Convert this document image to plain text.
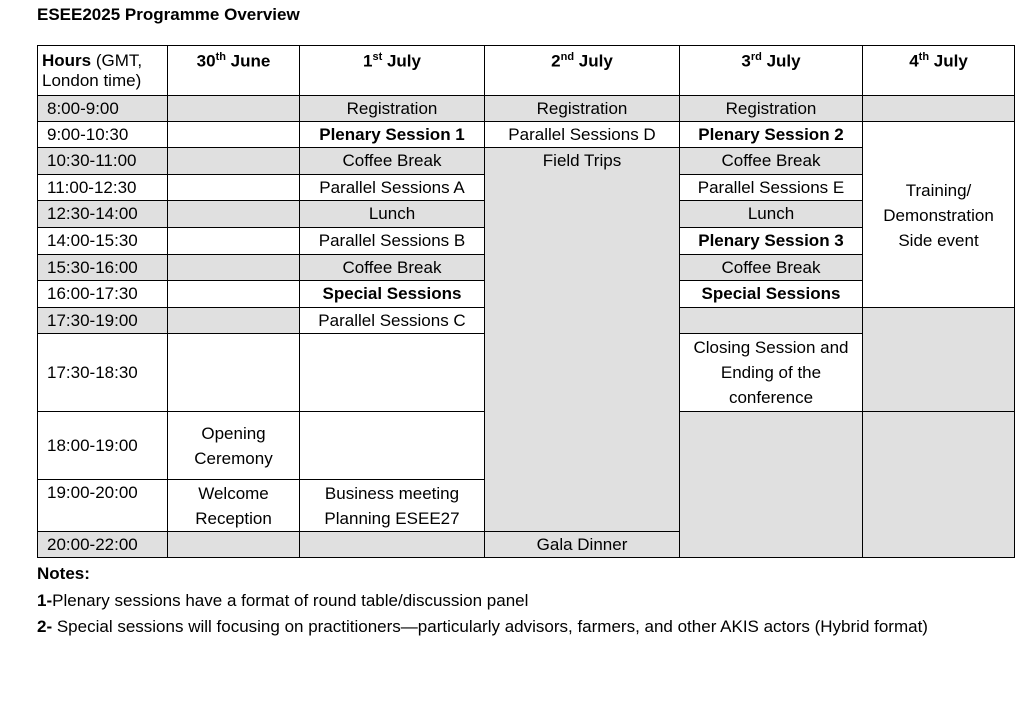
ESEE2025 Programme Overview
Hours (GMT, London time)	30th June	1st July	2nd July	3rd July	4th July
8:00-9:00		Registration	Registration	Registration	
9:00-10:30		Plenary Session 1	Parallel Sessions D	Plenary Session 2	Training/ Demonstration Side event
10:30-11:00		Coffee Break	Field Trips	Coffee Break	
11:00-12:30		Parallel Sessions A		Parallel Sessions E	
12:30-14:00		Lunch		Lunch	
14:00-15:30		Parallel Sessions B		Plenary Session 3	
15:30-16:00		Coffee Break		Coffee Break	
16:00-17:30		Special Sessions		Special Sessions	
17:30-19:00		Parallel Sessions C			
17:30-18:30				Closing Session and Ending of the conference	
18:00-19:00	Opening Ceremony				
19:00-20:00	Welcome Reception	Business meeting Planning ESEE27			
20:00-22:00			Gala Dinner		
Notes:
1-Plenary sessions have a format of round table/discussion panel
2- Special sessions will focusing on practitioners—particularly advisors, farmers, and other AKIS actors (Hybrid format)
